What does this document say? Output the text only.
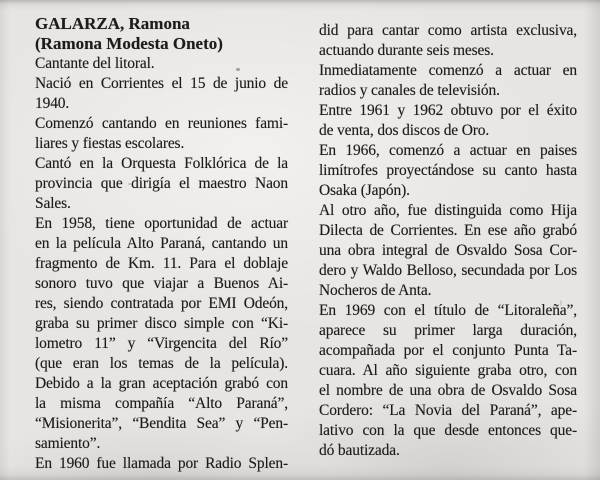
GALARZA, Ramona
(Ramona Modesta Oneto)
Cantante del litoral.
Nació en Corrientes el 15 de junio de
1940.
Comenzó cantando en reuniones fami-
liares y fiestas escolares.
Cantó en la Orquesta Folklórica de la
provincia que dirigía el maestro Naon
Sales.
En 1958, tiene oportunidad de actuar
en la película Alto Paraná, cantando un
fragmento de Km. 11. Para el doblaje
sonoro tuvo que viajar a Buenos Ai-
res, siendo contratada por EMI Odeón,
graba su primer disco simple con “Ki-
lometro 11” y “Virgencita del Río”
(que eran los temas de la película).
Debido a la gran aceptación grabó con
la misma compañía “Alto Paraná”,
“Misionerita”, “Bendita Sea” y “Pen-
samiento”.
En 1960 fue llamada por Radio Splen-
did para cantar como artista exclusiva,
actuando durante seis meses.
Inmediatamente comenzó a actuar en
radios y canales de televisión.
Entre 1961 y 1962 obtuvo por el éxito
de venta, dos discos de Oro.
En 1966, comenzó a actuar en paises
limítrofes proyectándose su canto hasta
Osaka (Japón).
Al otro año, fue distinguida como Hija
Dilecta de Corrientes. En ese año grabó
una obra integral de Osvaldo Sosa Cor-
dero y Waldo Belloso, secundada por Los
Nocheros de Anta.
En 1969 con el título de “Litoraleña”,
aparece su primer larga duración,
acompañada por el conjunto Punta Ta-
cuara. Al año siguiente graba otro, con
el nombre de una obra de Osvaldo Sosa
Cordero: “La Novia del Paraná”, ape-
lativo con la que desde entonces que-
dó bautizada.
